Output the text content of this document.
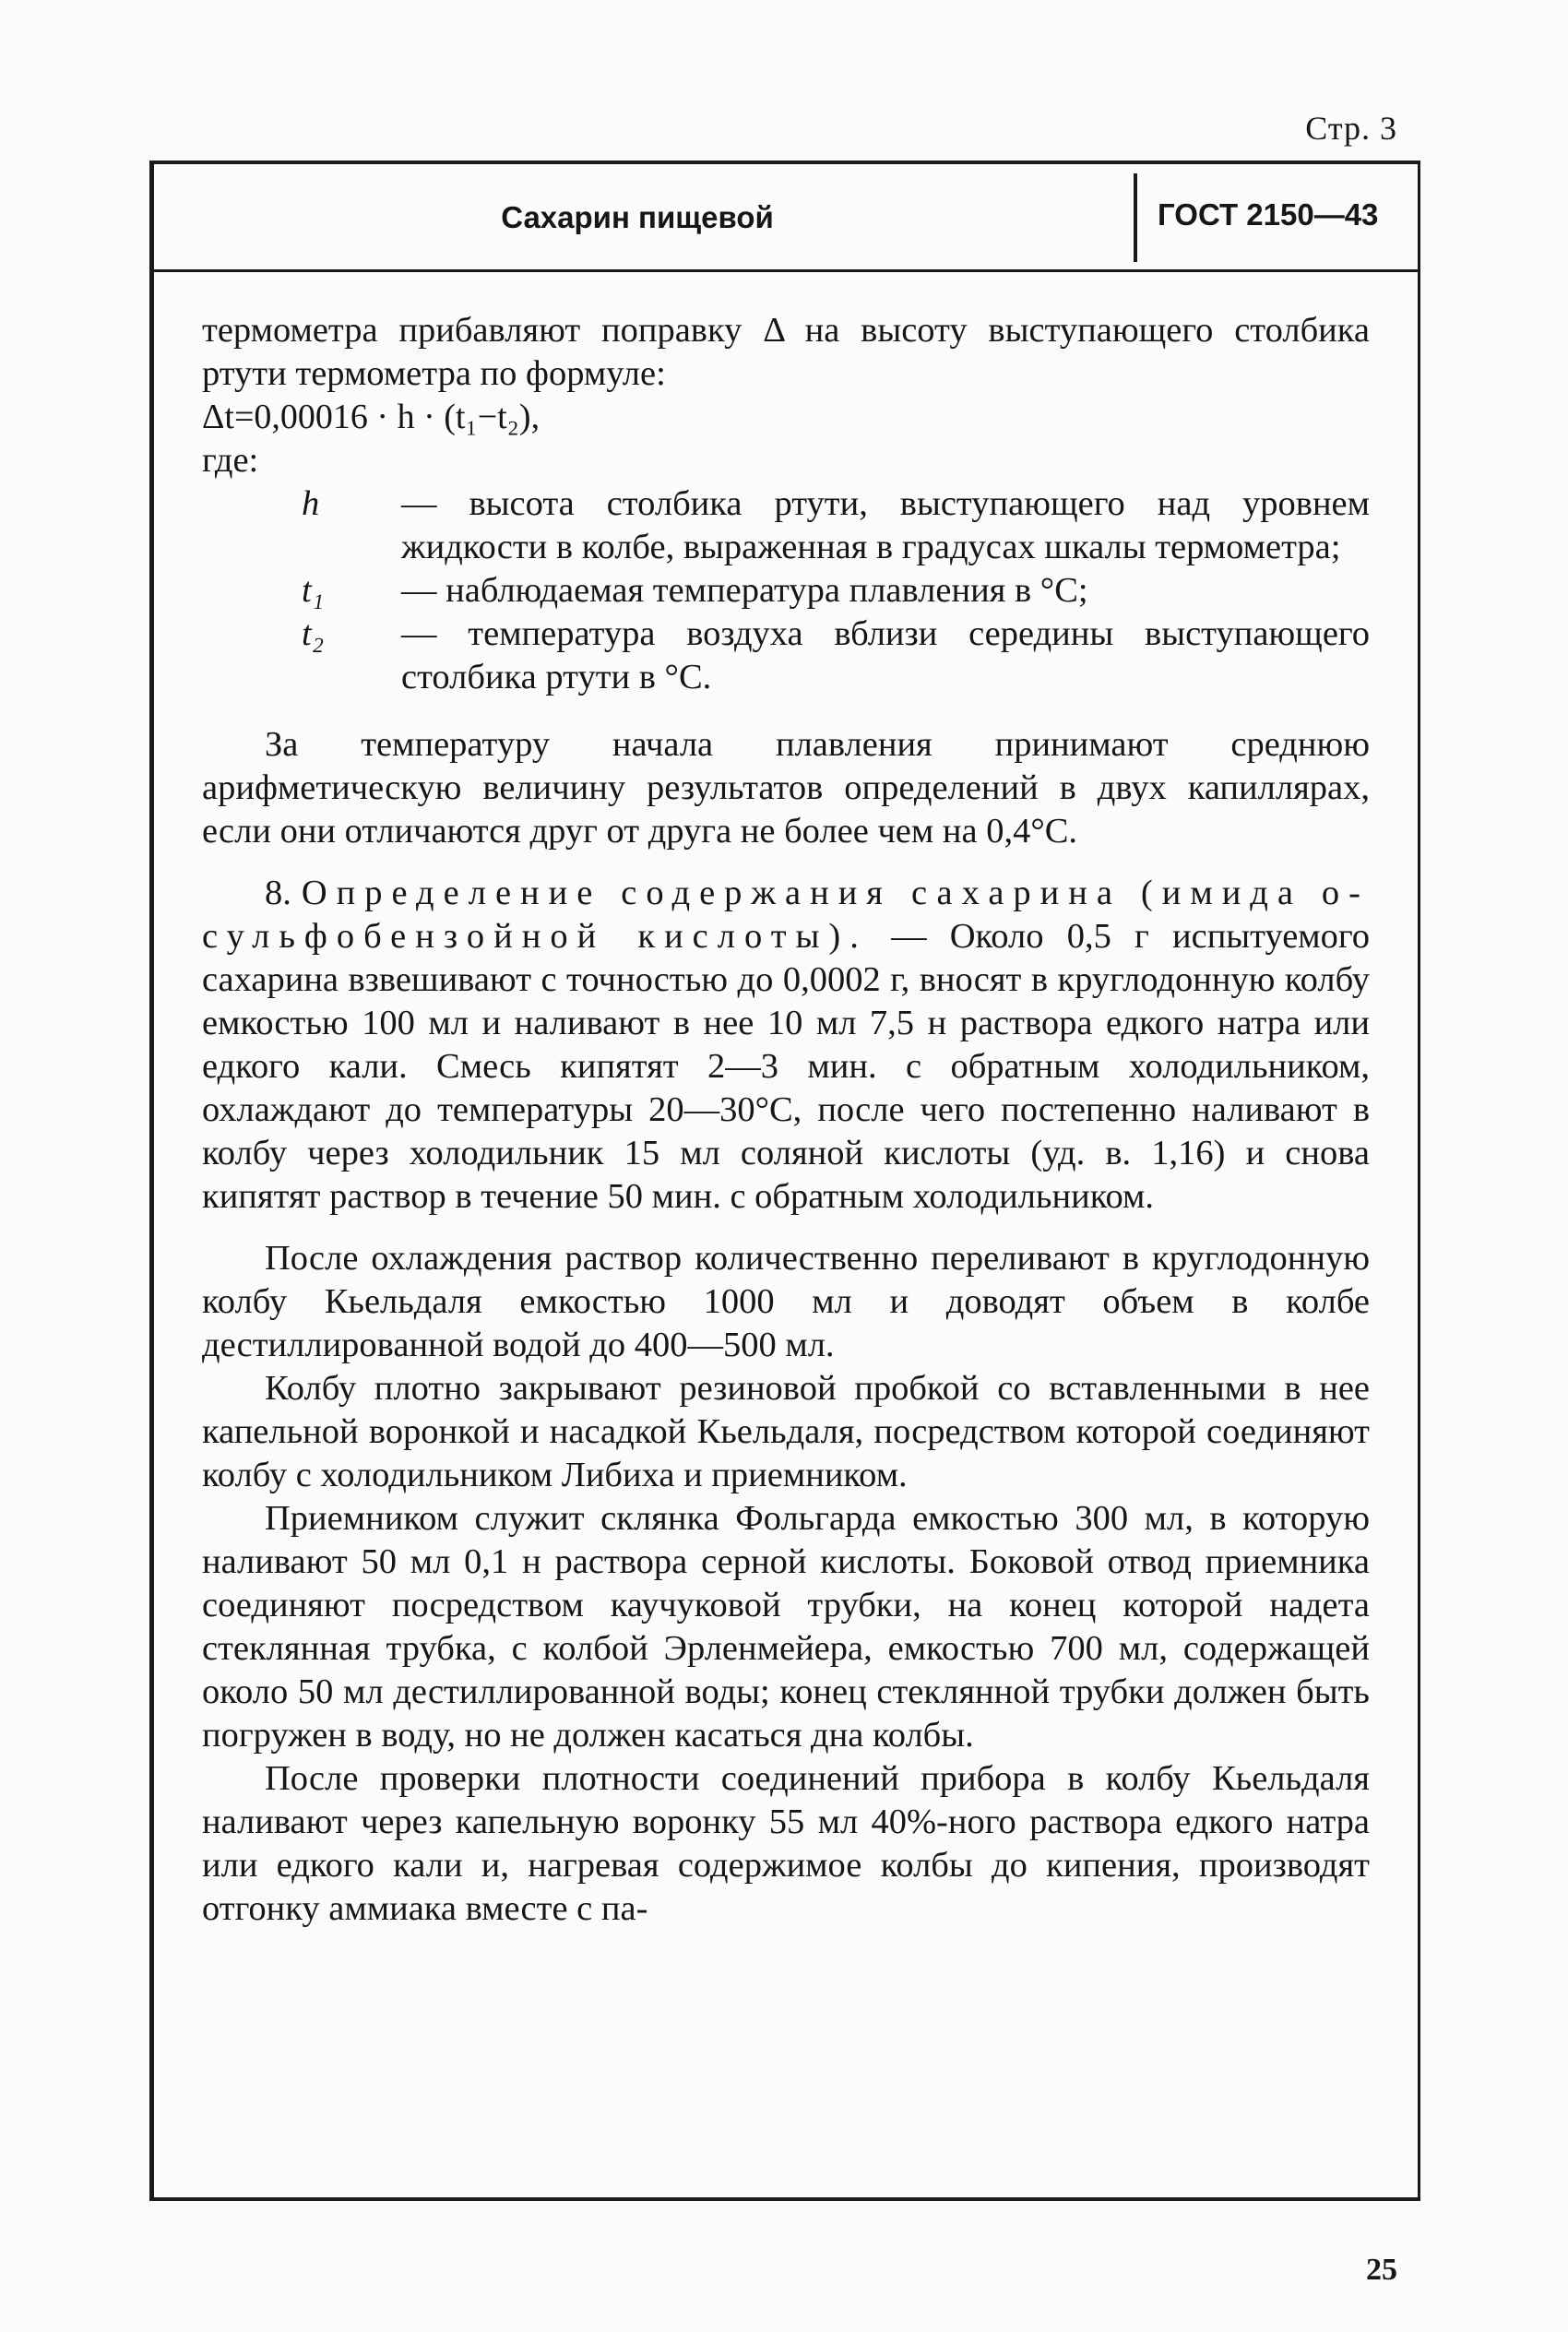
Стр. 3
Сахарин пищевой	ГОСТ 2150—43

термометра прибавляют поправку Δ на высоту выступающего столбика ртути термометра по формуле:

Δt=0,00016 · h · (t₁−t₂),

где:

h	— высота столбика ртути, выступающего над уровнем жидкости в колбе, выраженная в градусах шкалы термометра;
t₁	— наблюдаемая температура плавления в °С;
t₂	— температура воздуха вблизи середины выступающего столбика ртути в °С.

За температуру начала плавления принимают среднюю арифметическую величину результатов определений в двух капиллярах, если они отличаются друг от друга не более чем на 0,4°С.

8. Определение содержания сахарина (имида о-сульфобензойной кислоты). — Около 0,5 г испытуемого сахарина взвешивают с точностью до 0,0002 г, вносят в круглодонную колбу емкостью 100 мл и наливают в нее 10 мл 7,5 н раствора едкого натра или едкого кали. Смесь кипятят 2—3 мин. с обратным холодильником, охлаждают до температуры 20—30°С, после чего постепенно наливают в колбу через холодильник 15 мл соляной кислоты (уд. в. 1,16) и снова кипятят раствор в течение 50 мин. с обратным холодильником.

После охлаждения раствор количественно переливают в круглодонную колбу Кьельдаля емкостью 1000 мл и доводят объем в колбе дестиллированной водой до 400—500 мл.

Колбу плотно закрывают резиновой пробкой со вставленными в нее капельной воронкой и насадкой Кьельдаля, посредством которой соединяют колбу с холодильником Либиха и приемником.

Приемником служит склянка Фольгарда емкостью 300 мл, в которую наливают 50 мл 0,1 н раствора серной кислоты. Боковой отвод приемника соединяют посредством каучуковой трубки, на конец которой надета стеклянная трубка, с колбой Эрленмейера, емкостью 700 мл, содержащей около 50 мл дестиллированной воды; конец стеклянной трубки должен быть погружен в воду, но не должен касаться дна колбы.

После проверки плотности соединений прибора в колбу Кьельдаля наливают через капельную воронку 55 мл 40%-ного раствора едкого натра или едкого кали и, нагревая содержимое колбы до кипения, производят отгонку аммиака вместе с па-

25
